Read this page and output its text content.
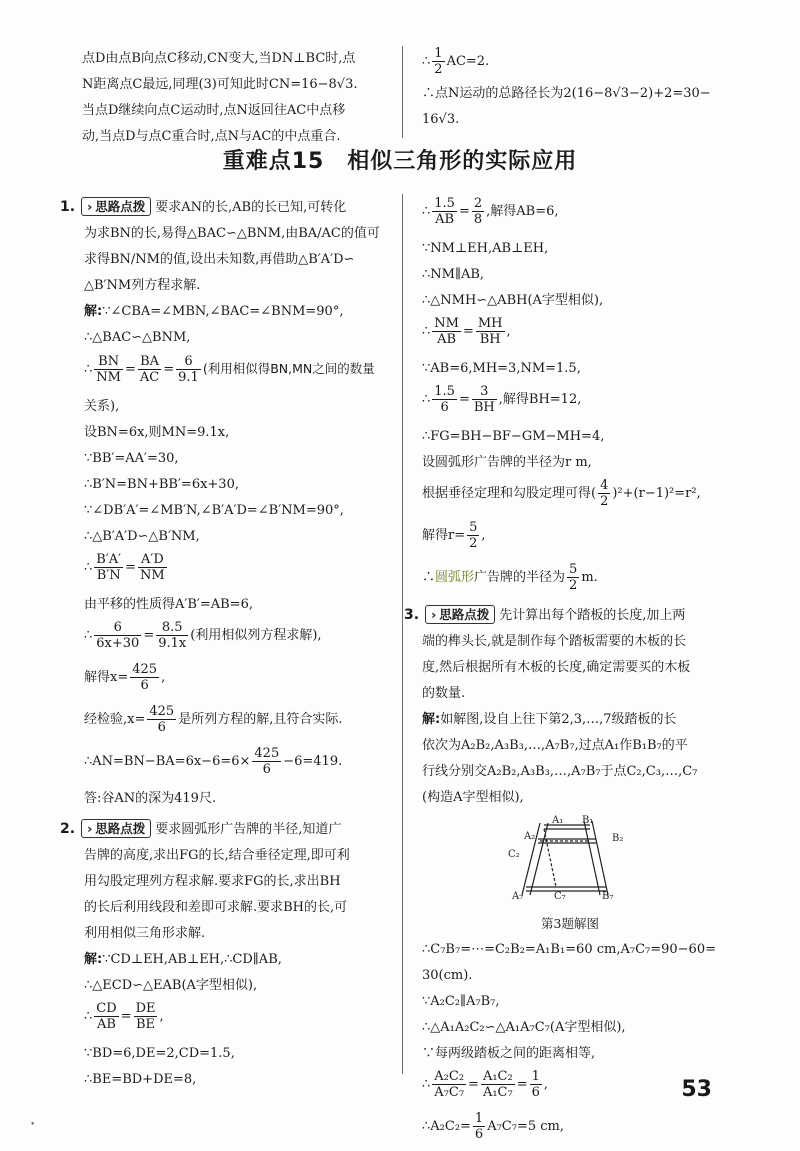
点D由点B向点C移动,CN变大,当DN⊥BC时,点
N距离点C最远,同理(3)可知此时CN=16−8√3.
当点D继续向点C运动时,点N返回往AC中点移
动,当点D与点C重合时,点N与AC的中点重合.
∴ $\frac{1}{2} AC=2$.
∴点N运动的总路径长为2(16−8√3−2)+2=30−
16√3.
重难点15　相似三角形的实际应用
1. › 思路点拨 要求AN的长,AB的长已知,可转化
为求BN的长,易得△BAC∽△BNM,由BA/AC的值可
求得BN/NM的值,设出未知数,再借助△B′A′D∽
△B′NM列方程求解.
解:∵∠CBA=∠MBN,∠BAC=∠BNM=90°,
∴△BAC∽△BNM,
∴ $\frac{BN}{NM} = \frac{BA}{AC} = \frac{6}{9.1}$ (利用相似得BN,MN之间的数量
关系),
设BN=6x,则MN=9.1x,
∵BB′=AA′=30,
∴B′N=BN+BB′=6x+30,
∵∠DB′A′=∠MB′N,∠B′A′D=∠B′NM=90°,
∴△B′A′D∽△B′NM,
∴ $\frac{B'A'}{B'N} = \frac{A'D}{NM}$
由平移的性质得A′B′=AB=6,
∴ $\frac{6}{6x+30} = \frac{8.5}{9.1x}$ (利用相似列方程求解),
解得$x= \frac{425}{6}$ ,
经检验$,x= \frac{425}{6}$ 是所列方程的解,且符合实际.
∴AN=BN−BA=6x−6=6× $\frac{425}{6} -6=419$.
答:谷AN的深为419尺.
2. › 思路点拨 要求圆弧形广告牌的半径,知道广
告牌的高度,求出FG的长,结合垂径定理,即可利
用勾股定理列方程求解.要求FG的长,求出BH
的长后利用线段和差即可求解.要求BH的长,可
利用相似三角形求解.
解:∵CD⊥EH,AB⊥EH,∴CD∥AB,
∴△ECD∽△EAB(A字型相似),
∴ $\frac{CD}{AB} = \frac{DE}{BE}$ ,
∵BD=6,DE=2,CD=1.5,
∴BE=BD+DE=8,
∴ $\frac{1.5}{AB} = \frac{2}{8}$ ,解得AB=6,
∵NM⊥EH,AB⊥EH,
∴NM∥AB,
∴△NMH∽△ABH(A字型相似),
∴ $\frac{NM}{AB} = \frac{MH}{BH}$ ,
∵AB=6,MH=3,NM=1.5,
∴ $\frac{1.5}{6} = \frac{3}{BH}$ ,解得BH=12,
∴FG=BH−BF−GM−MH=4,
设圆弧形广告牌的半径为r m,
根据垂径定理和勾股定理可得( $\frac{4}{2} )^2+(r-1)^2=r^2$,
解得$r= \frac{5}{2}$ ,
∴圆弧形广告牌的半径为 $\frac{5}{2} m$.
3. › 思路点拨 先计算出每个踏板的长度,加上两
端的榫头长,就是制作每个踏板需要的木板的长
度,然后根据所有木板的长度,确定需要买的木板
的数量.
解:如解图,设自上往下第2,3,…,7级踏板的长
依次为A₂B₂,A₃B₃,…,A₇B₇,过点A₁作B₁B₇的平
行线分别交A₂B₂,A₃B₃,…,A₇B₇于点C₂,C₃,…,C₇
(构造A字型相似),
A₁ B₁
A₂	B₂
C₂
A₇	C₇	B₇
第3题解图
∴C₇B₇=⋯=C₂B₂=A₁B₁=60 cm,A₇C₇=90−60=
30(cm).
∵A₂C₂∥A₇B₇,
∴△A₁A₂C₂∽△A₁A₇C₇(A字型相似),
∵每两级踏板之间的距离相等,
∴ $\frac{\text{A₂C₂}}{\text{A₇C₇}} = \frac{\text{A₁C₂}}{\text{A₁C₇}} = \frac{1}{6}$ ,
∴A₂C₂= $\frac{1}{6} A_7C_7=5$ cm,
53
•
